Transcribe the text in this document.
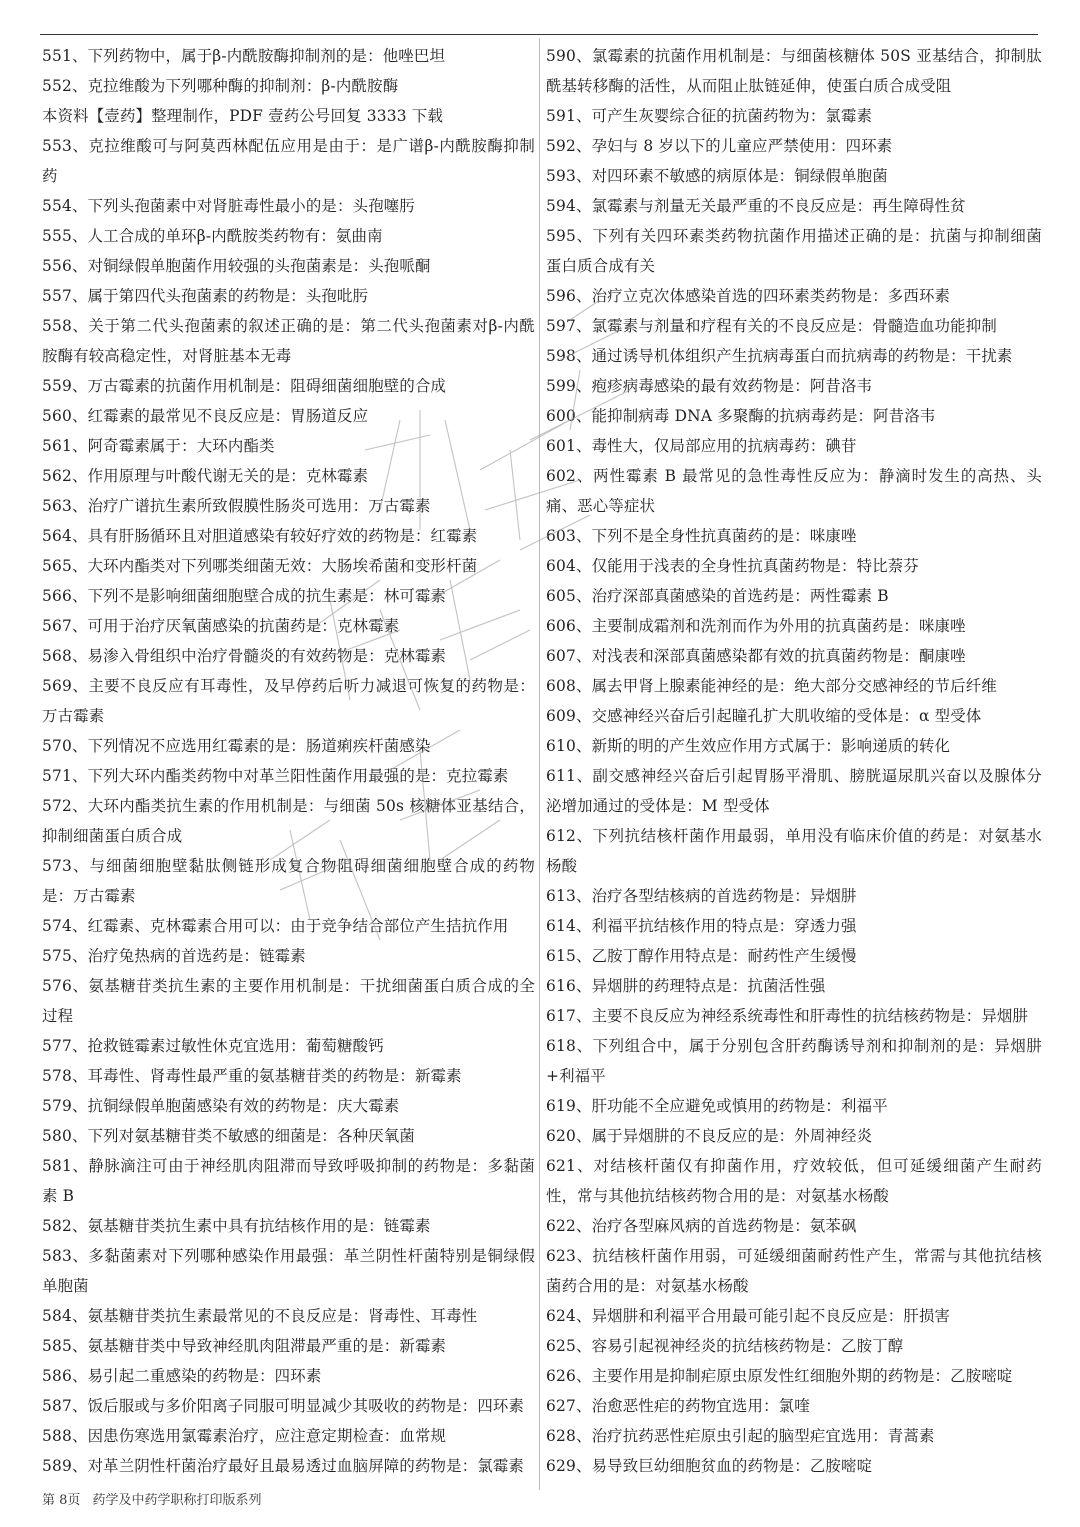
551、下列药物中，属于β-内酰胺酶抑制剂的是：他唑巴坦

552、克拉维酸为下列哪种酶的抑制剂：β-内酰胺酶

本资料【壹药】整理制作，PDF 壹药公号回复 3333 下载

553、克拉维酸可与阿莫西林配伍应用是由于：是广谱β-内酰胺酶抑制药

554、下列头孢菌素中对肾脏毒性最小的是：头孢噻肟

555、人工合成的单环β-内酰胺类药物有：氨曲南

556、对铜绿假单胞菌作用较强的头孢菌素是：头孢哌酮

557、属于第四代头孢菌素的药物是：头孢吡肟

558、关于第二代头孢菌素的叙述正确的是：第二代头孢菌素对β-内酰胺酶有较高稳定性，对肾脏基本无毒

559、万古霉素的抗菌作用机制是：阻碍细菌细胞壁的合成

560、红霉素的最常见不良反应是：胃肠道反应

561、阿奇霉素属于：大环内酯类

562、作用原理与叶酸代谢无关的是：克林霉素

563、治疗广谱抗生素所致假膜性肠炎可选用：万古霉素

564、具有肝肠循环且对胆道感染有较好疗效的药物是：红霉素

565、大环内酯类对下列哪类细菌无效：大肠埃希菌和变形杆菌

566、下列不是影响细菌细胞壁合成的抗生素是：林可霉素

567、可用于治疗厌氧菌感染的抗菌药是：克林霉素

568、易渗入骨组织中治疗骨髓炎的有效药物是：克林霉素

569、主要不良反应有耳毒性，及早停药后听力减退可恢复的药物是：万古霉素

570、下列情况不应选用红霉素的是：肠道痢疾杆菌感染

571、下列大环内酯类药物中对革兰阳性菌作用最强的是：克拉霉素

572、大环内酯类抗生素的作用机制是：与细菌 50s 核糖体亚基结合，抑制细菌蛋白质合成

573、与细菌细胞壁黏肽侧链形成复合物阻碍细菌细胞壁合成的药物是：万古霉素

574、红霉素、克林霉素合用可以：由于竞争结合部位产生拮抗作用

575、治疗兔热病的首选药是：链霉素

576、氨基糖苷类抗生素的主要作用机制是：干扰细菌蛋白质合成的全过程

577、抢救链霉素过敏性休克宜选用：葡萄糖酸钙

578、耳毒性、肾毒性最严重的氨基糖苷类的药物是：新霉素

579、抗铜绿假单胞菌感染有效的药物是：庆大霉素

580、下列对氨基糖苷类不敏感的细菌是：各种厌氧菌

581、静脉滴注可由于神经肌肉阻滞而导致呼吸抑制的药物是：多黏菌素 B

582、氨基糖苷类抗生素中具有抗结核作用的是：链霉素

583、多黏菌素对下列哪种感染作用最强：革兰阴性杆菌特别是铜绿假单胞菌

584、氨基糖苷类抗生素最常见的不良反应是：肾毒性、耳毒性

585、氨基糖苷类中导致神经肌肉阻滞最严重的是：新霉素

586、易引起二重感染的药物是：四环素

587、饭后服或与多价阳离子同服可明显减少其吸收的药物是：四环素

588、因患伤寒选用氯霉素治疗，应注意定期检查：血常规

589、对革兰阴性杆菌治疗最好且最易透过血脑屏障的药物是：氯霉素

590、氯霉素的抗菌作用机制是：与细菌核糖体 50S 亚基结合，抑制肽酰基转移酶的活性，从而阻止肽链延伸，使蛋白质合成受阻

591、可产生灰婴综合征的抗菌药物为：氯霉素

592、孕妇与 8 岁以下的儿童应严禁使用：四环素

593、对四环素不敏感的病原体是：铜绿假单胞菌

594、氯霉素与剂量无关最严重的不良反应是：再生障碍性贫

595、下列有关四环素类药物抗菌作用描述正确的是：抗菌与抑制细菌蛋白质合成有关

596、治疗立克次体感染首选的四环素类药物是：多西环素

597、氯霉素与剂量和疗程有关的不良反应是：骨髓造血功能抑制

598、通过诱导机体组织产生抗病毒蛋白而抗病毒的药物是：干扰素

599、疱疹病毒感染的最有效药物是：阿昔洛韦

600、能抑制病毒 DNA 多聚酶的抗病毒药是：阿昔洛韦

601、毒性大，仅局部应用的抗病毒药：碘苷

602、两性霉素 B 最常见的急性毒性反应为：静滴时发生的高热、头痛、恶心等症状

603、下列不是全身性抗真菌药的是：咪康唑

604、仅能用于浅表的全身性抗真菌药物是：特比萘芬

605、治疗深部真菌感染的首选药是：两性霉素 B

606、主要制成霜剂和洗剂而作为外用的抗真菌药是：咪康唑

607、对浅表和深部真菌感染都有效的抗真菌药物是：酮康唑

608、属去甲肾上腺素能神经的是：绝大部分交感神经的节后纤维

609、交感神经兴奋后引起瞳孔扩大肌收缩的受体是：α 型受体

610、新斯的明的产生效应作用方式属于：影响递质的转化

611、副交感神经兴奋后引起胃肠平滑肌、膀胱逼尿肌兴奋以及腺体分泌增加通过的受体是：M 型受体

612、下列抗结核杆菌作用最弱，单用没有临床价值的药是：对氨基水杨酸

613、治疗各型结核病的首选药物是：异烟肼

614、利福平抗结核作用的特点是：穿透力强

615、乙胺丁醇作用特点是：耐药性产生缓慢

616、异烟肼的药理特点是：抗菌活性强

617、主要不良反应为神经系统毒性和肝毒性的抗结核药物是：异烟肼

618、下列组合中，属于分别包含肝药酶诱导剂和抑制剂的是：异烟肼+利福平

619、肝功能不全应避免或慎用的药物是：利福平

620、属于异烟肼的不良反应的是：外周神经炎

621、对结核杆菌仅有抑菌作用，疗效较低，但可延缓细菌产生耐药性，常与其他抗结核药物合用的是：对氨基水杨酸

622、治疗各型麻风病的首选药物是：氨苯砜

623、抗结核杆菌作用弱，可延缓细菌耐药性产生，常需与其他抗结核菌药合用的是：对氨基水杨酸

624、异烟肼和利福平合用最可能引起不良反应是：肝损害

625、容易引起视神经炎的抗结核药物是：乙胺丁醇

626、主要作用是抑制疟原虫原发性红细胞外期的药物是：乙胺嘧啶

627、治愈恶性疟的药物宜选用：氯喹

628、治疗抗药恶性疟原虫引起的脑型疟宜选用：青蒿素

629、易导致巨幼细胞贫血的药物是：乙胺嘧啶

第 8页 药学及中药学职称打印版系列
